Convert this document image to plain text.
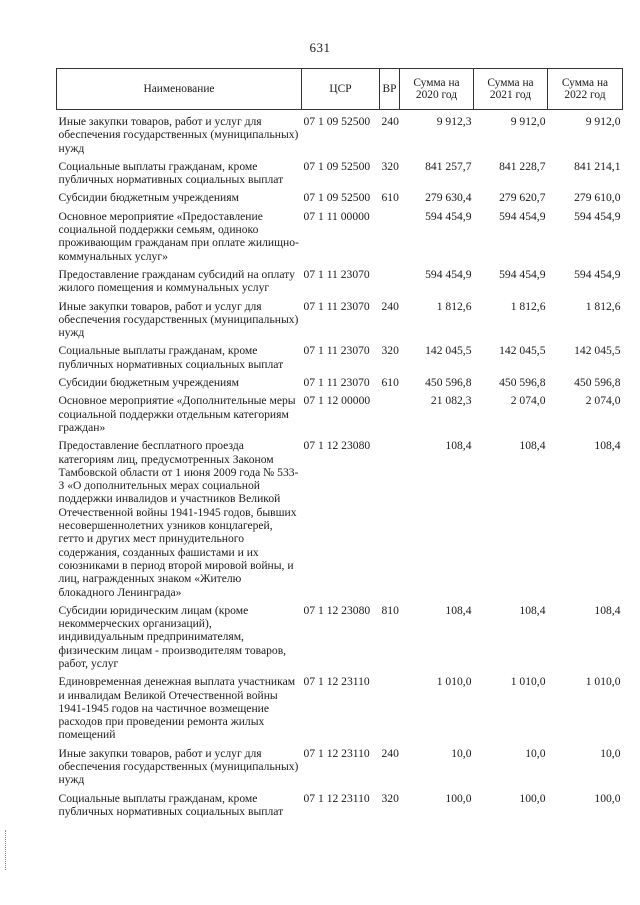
631
Наименование	ЦСР	ВР	Сумма на 2020 год	Сумма на 2021 год	Сумма на 2022 год
Иные закупки товаров, работ и услуг для обеспечения государственных (муниципальных) нужд	07 1 09 52500	240	9 912,3	9 912,0	9 912,0
Социальные выплаты гражданам, кроме публичных нормативных социальных выплат	07 1 09 52500	320	841 257,7	841 228,7	841 214,1
Субсидии бюджетным учреждениям	07 1 09 52500	610	279 630,4	279 620,7	279 610,0
Основное мероприятие «Предоставление социальной поддержки семьям, одиноко проживающим гражданам при оплате жилищно-коммунальных услуг»	07 1 11 00000		594 454,9	594 454,9	594 454,9
Предоставление гражданам субсидий на оплату жилого помещения и коммунальных услуг	07 1 11 23070		594 454,9	594 454,9	594 454,9
Иные закупки товаров, работ и услуг для обеспечения государственных (муниципальных) нужд	07 1 11 23070	240	1 812,6	1 812,6	1 812,6
Социальные выплаты гражданам, кроме публичных нормативных социальных выплат	07 1 11 23070	320	142 045,5	142 045,5	142 045,5
Субсидии бюджетным учреждениям	07 1 11 23070	610	450 596,8	450 596,8	450 596,8
Основное мероприятие «Дополнительные меры социальной поддержки отдельным категориям граждан»	07 1 12 00000		21 082,3	2 074,0	2 074,0
Предоставление бесплатного проезда категориям лиц, предусмотренных Законом Тамбовской области от 1 июня 2009 года № 533-З «О дополнительных мерах социальной поддержки инвалидов и участников Великой Отечественной войны 1941-1945 годов, бывших несовершеннолетних узников концлагерей, гетто и других мест принудительного содержания, созданных фашистами и их союзниками в период второй мировой войны, и лиц, награжденных знаком «Жителю блокадного Ленинграда»	07 1 12 23080		108,4	108,4	108,4
Субсидии юридическим лицам (кроме некоммерческих организаций), индивидуальным предпринимателям, физическим лицам - производителям товаров, работ, услуг	07 1 12 23080	810	108,4	108,4	108,4
Единовременная денежная выплата участникам и инвалидам Великой Отечественной войны 1941-1945 годов на частичное возмещение расходов при проведении ремонта жилых помещений	07 1 12 23110		1 010,0	1 010,0	1 010,0
Иные закупки товаров, работ и услуг для обеспечения государственных (муниципальных) нужд	07 1 12 23110	240	10,0	10,0	10,0
Социальные выплаты гражданам, кроме публичных нормативных социальных выплат	07 1 12 23110	320	100,0	100,0	100,0
